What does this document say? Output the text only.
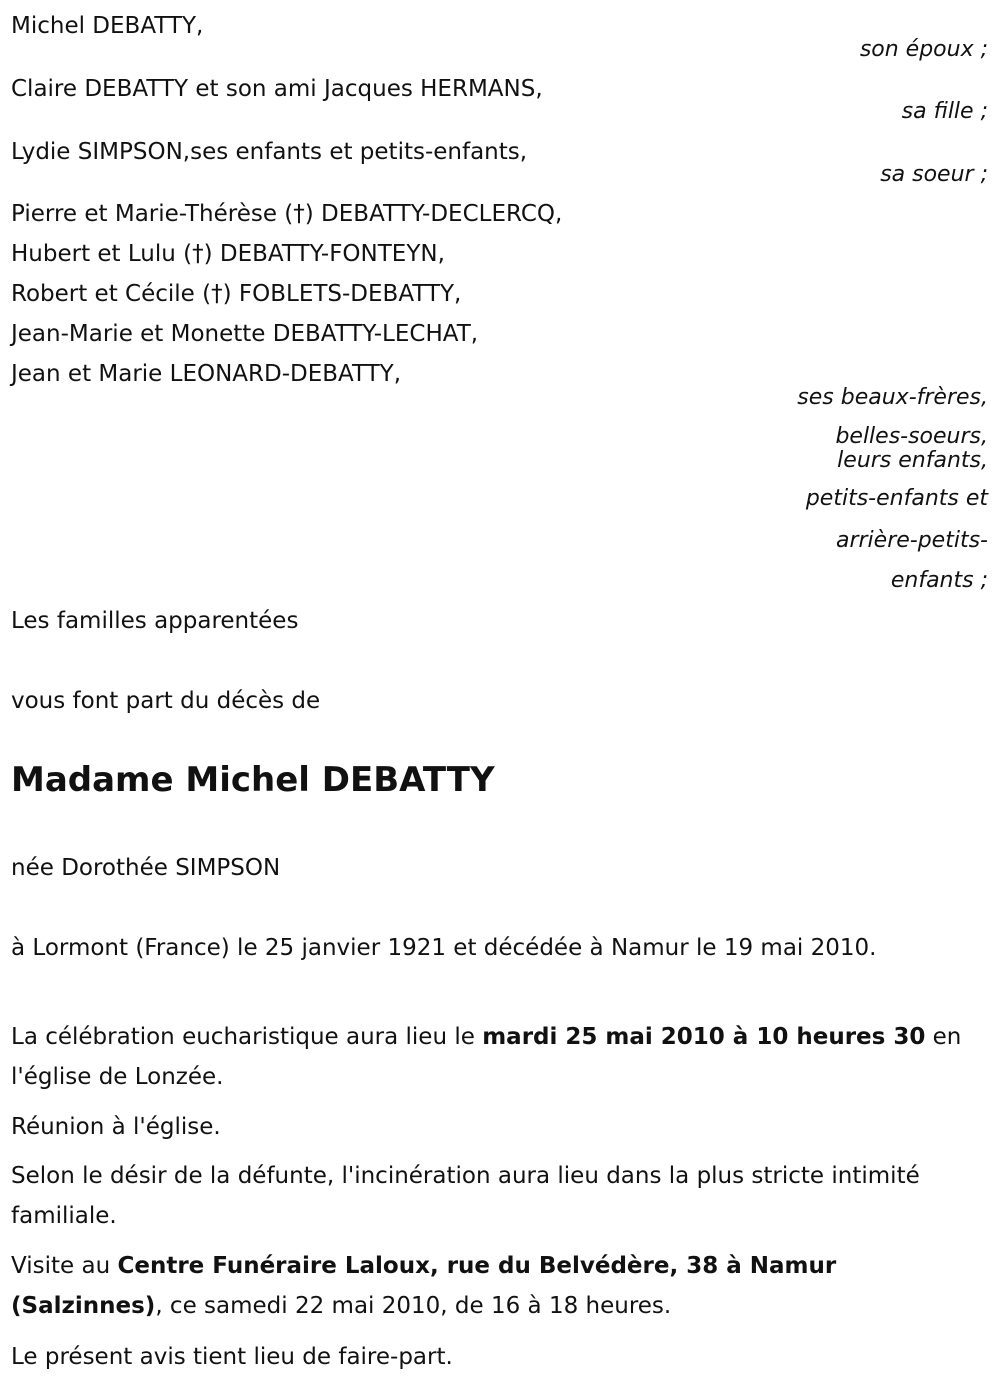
Michel DEBATTY,
son époux ;
Claire DEBATTY et son ami Jacques HERMANS,
sa fille ;
Lydie SIMPSON,ses enfants et petits-enfants,
sa soeur ;
Pierre et Marie-Thérèse (†) DEBATTY-DECLERCQ,
Hubert et Lulu (†) DEBATTY-FONTEYN,
Robert et Cécile (†) FOBLETS-DEBATTY,
Jean-Marie et Monette DEBATTY-LECHAT,
Jean et Marie LEONARD-DEBATTY,
ses beaux-frères,
belles-soeurs,
leurs enfants,
petits-enfants et
arrière-petits-
enfants ;
Les familles apparentées
vous font part du décès de
Madame Michel DEBATTY
née Dorothée SIMPSON
à Lormont (France) le 25 janvier 1921 et décédée à Namur le 19 mai 2010.
La célébration eucharistique aura lieu le mardi 25 mai 2010 à 10 heures 30 en l'église de Lonzée.
Réunion à l'église.
Selon le désir de la défunte, l'incinération aura lieu dans la plus stricte intimité familiale.
Visite au Centre Funéraire Laloux, rue du Belvédère, 38 à Namur (Salzinnes), ce samedi 22 mai 2010, de 16 à 18 heures.
Le présent avis tient lieu de faire-part.
